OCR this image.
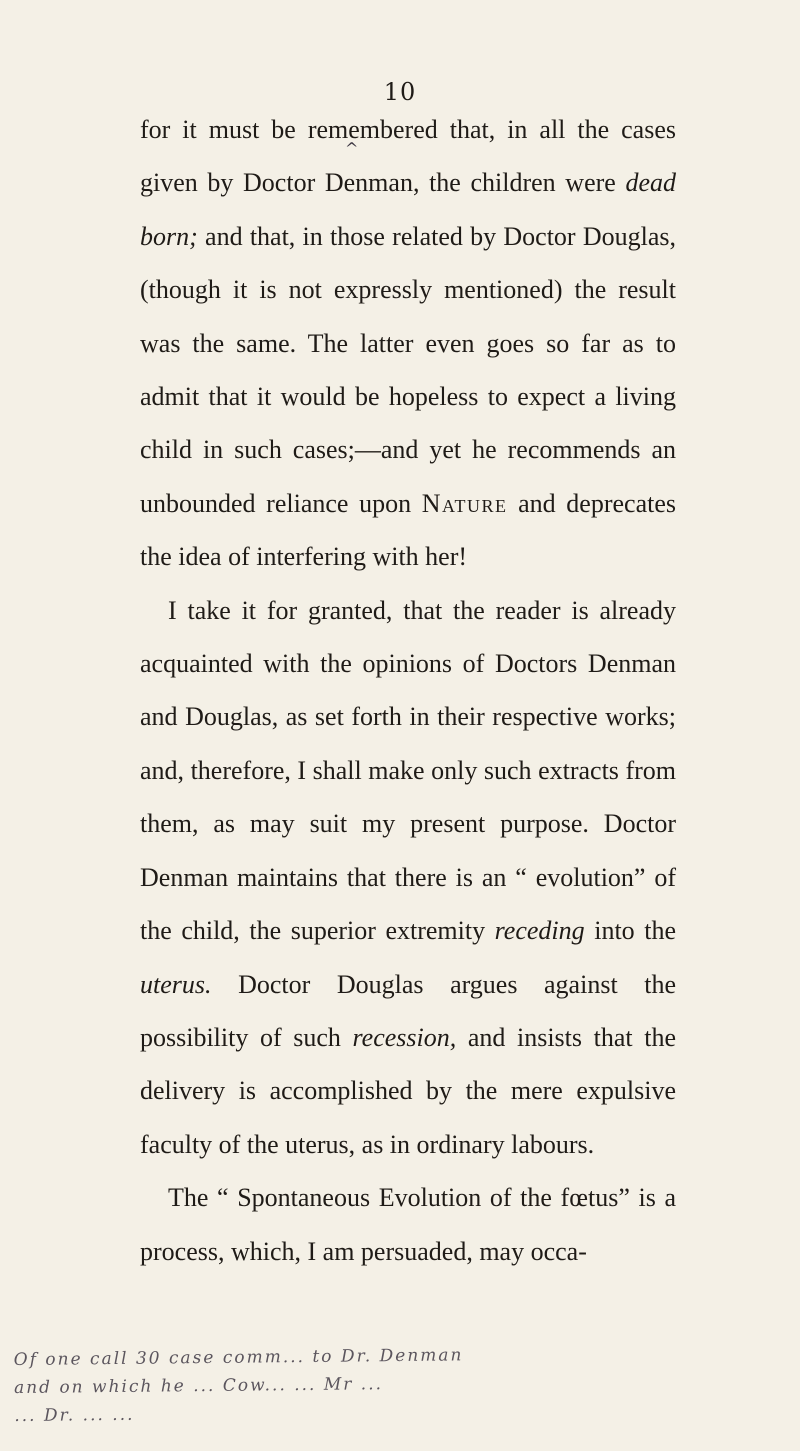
10
^

for it must be remembered that, in all the cases given by Doctor Denman, the children were dead born; and that, in those related by Doctor Douglas, (though it is not expressly mentioned) the result was the same. The latter even goes so far as to admit that it would be hopeless to expect a living child in such cases;—and yet he recommends an unbounded reliance upon Nature and deprecates the idea of interfering with her!

I take it for granted, that the reader is already acquainted with the opinions of Doctors Denman and Douglas, as set forth in their respective works; and, therefore, I shall make only such extracts from them, as may suit my present purpose. Doctor Denman maintains that there is an “ evolution” of the child, the superior extremity receding into the uterus. Doctor Douglas argues against the possibility of such recession, and insists that the delivery is accomplished by the mere expulsive faculty of the uterus, as in ordinary labours.

The “ Spontaneous Evolution of the fœtus” is a process, which, I am persuaded, may occa-

Of one call 30 case comm... to Dr. Denman
and on which he ... Cow... ... Mr ...
... Dr. ... ...
